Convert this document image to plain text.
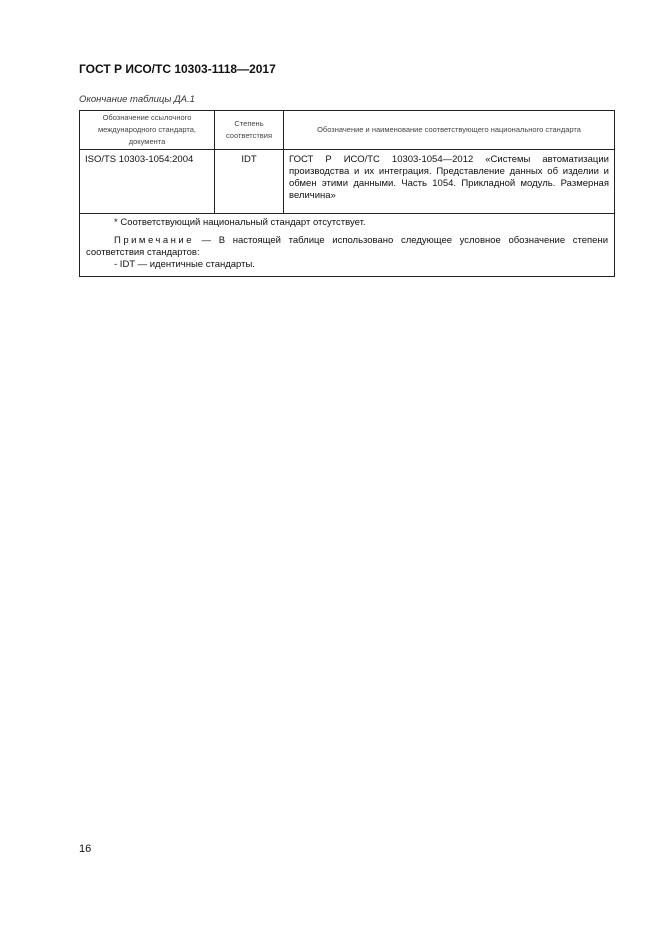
ГОСТ Р ИСО/ТС 10303-1118—2017
Окончание таблицы ДА.1
Обозначение ссылочного международного стандарта, документа	Степень соответствия	Обозначение и наименование соответствующего национального стандарта
ISO/TS 10303-1054:2004	IDT	ГОСТ Р ИСО/ТС 10303-1054—2012 «Системы автоматизации производства и их интеграция. Представление данных об изделии и обмен этими данными. Часть 1054. Прикладной модуль. Размерная величина»

* Соответствующий национальный стандарт отсутствует.

Примечание — В настоящей таблице использовано следующее условное обозначение степени соответствия стандартов:

- IDT — идентичные стандарты.		

16
